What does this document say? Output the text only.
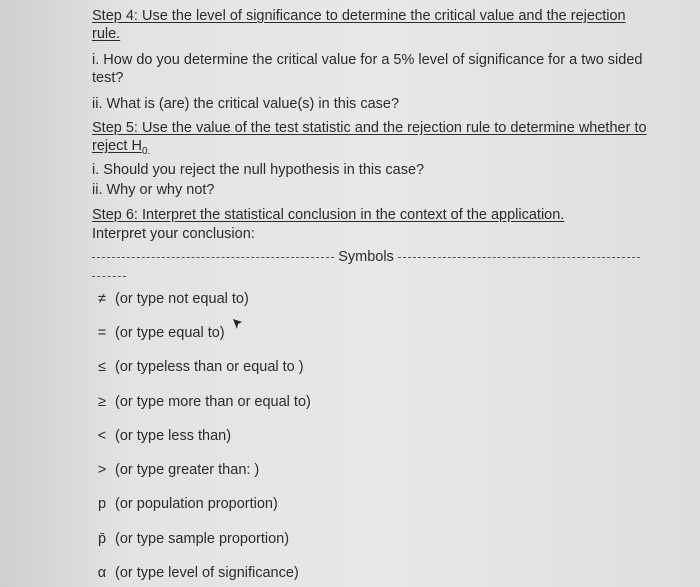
Step 4: Use the level of significance to determine the critical value and the rejection
rule.
i. How do you determine the critical value for a 5% level of significance for a two sided
test?
ii. What is (are) the critical value(s) in this case?
Step 5: Use the value of the test statistic and the rejection rule to determine whether to
reject $H_{0.}$
i. Should you reject the null hypothesis in this case?
ii. Why or why not?
Step 6: Interpret the statistical conclusion in the context of the application.
Interpret your conclusion:
Symbols
≠ (or type not equal to)
= (or type equal to)
≤ (or typeless than or equal to )
≥ (or type more than or equal to)
< (or type less than)
> (or type greater than: )
p (or population proportion)
p̄ (or type sample proportion)
α (or type level of significance)
